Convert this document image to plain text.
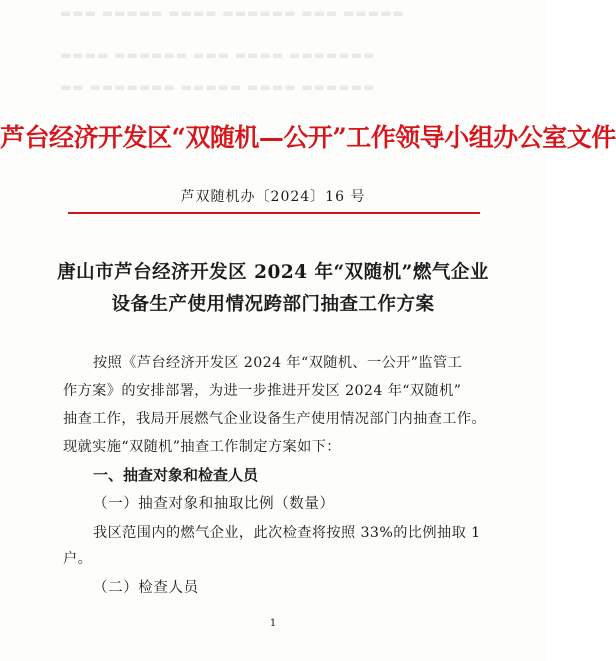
▬▬▬ ▬▬▬▬▬ ▬▬▬▬ ▬▬▬▬▬▬ ▬▬▬ ▬▬▬▬▬
▬▬▬▬ ▬▬▬▬▬▬ ▬▬▬ ▬▬▬▬ ▬▬▬▬▬▬▬
▬▬ ▬▬▬▬▬▬▬ ▬▬▬▬▬ ▬▬▬▬ ▬▬▬▬▬▬
芦台经济开发区“双随机—公开”工作领导小组办公室文件
芦双随机办〔2024〕16 号
唐山市芦台经济开发区 2024 年“双随机”燃气企业
设备生产使用情况跨部门抽查工作方案
按照《芦台经济开发区 2024 年“双随机、一公开”监管工
作方案》的安排部署，为进一步推进开发区 2024 年“双随机”
抽查工作，我局开展燃气企业设备生产使用情况部门内抽查工作。
现就实施“双随机”抽查工作制定方案如下：
一、抽查对象和检查人员
（一）抽查对象和抽取比例（数量）
我区范围内的燃气企业，此次检查将按照 33%的比例抽取 1
户。
（二）检查人员
1
